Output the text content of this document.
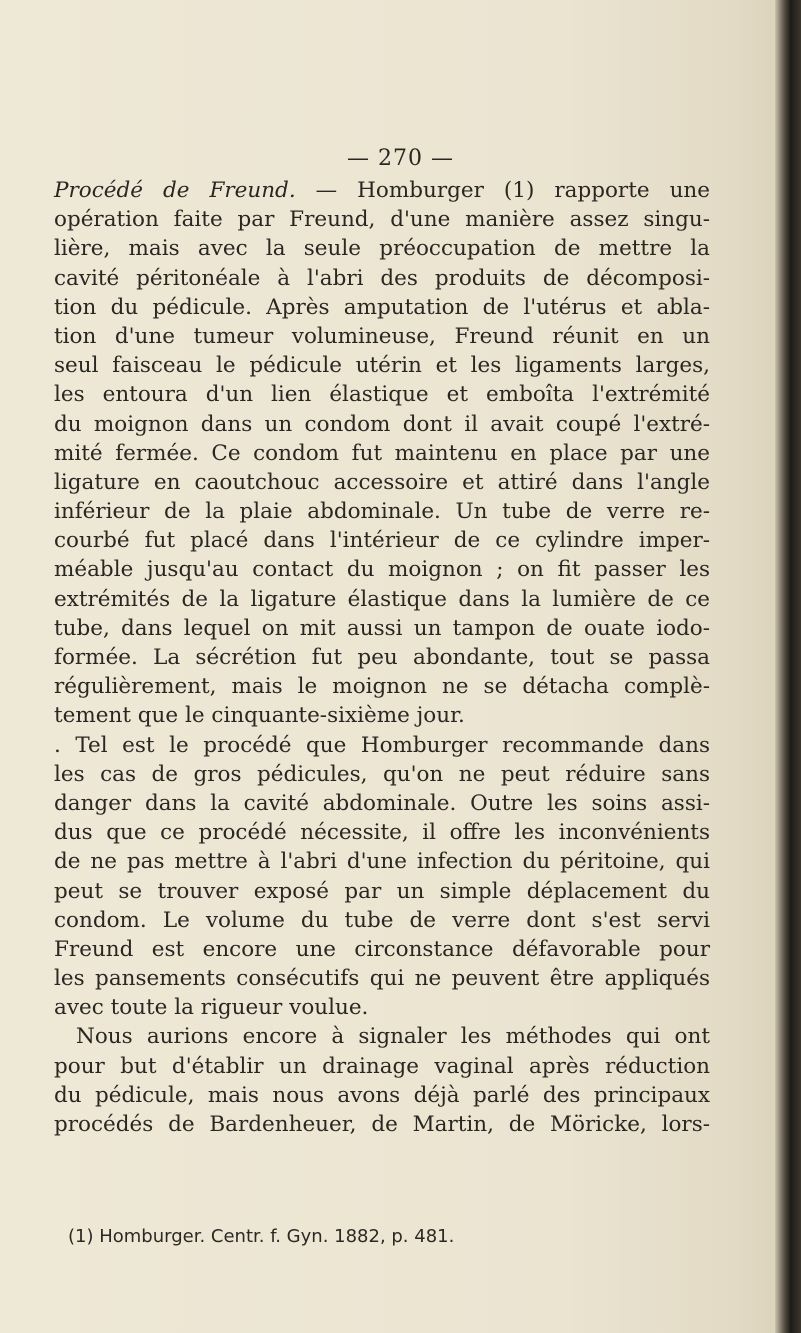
— 270 —
Procédé de Freund. — Homburger (1) rapporte une
opération faite par Freund, d'une manière assez singu-
lière, mais avec la seule préoccupation de mettre la
cavité péritonéale à l'abri des produits de décomposi-
tion du pédicule. Après amputation de l'utérus et abla-
tion d'une tumeur volumineuse, Freund réunit en un
seul faisceau le pédicule utérin et les ligaments larges,
les entoura d'un lien élastique et emboîta l'extrémité
du moignon dans un condom dont il avait coupé l'extré-
mité fermée. Ce condom fut maintenu en place par une
ligature en caoutchouc accessoire et attiré dans l'angle
inférieur de la plaie abdominale. Un tube de verre re-
courbé fut placé dans l'intérieur de ce cylindre imper-
méable jusqu'au contact du moignon ; on fit passer les
extrémités de la ligature élastique dans la lumière de ce
tube, dans lequel on mit aussi un tampon de ouate iodo-
formée. La sécrétion fut peu abondante, tout se passa
régulièrement, mais le moignon ne se détacha complè-
tement que le cinquante-sixième jour.
. Tel est le procédé que Homburger recommande dans
les cas de gros pédicules, qu'on ne peut réduire sans
danger dans la cavité abdominale. Outre les soins assi-
dus que ce procédé nécessite, il offre les inconvénients
de ne pas mettre à l'abri d'une infection du péritoine, qui
peut se trouver exposé par un simple déplacement du
condom. Le volume du tube de verre dont s'est servi
Freund est encore une circonstance défavorable pour
les pansements consécutifs qui ne peuvent être appliqués
avec toute la rigueur voulue.
Nous aurions encore à signaler les méthodes qui ont
pour but d'établir un drainage vaginal après réduction
du pédicule, mais nous avons déjà parlé des principaux
procédés de Bardenheuer, de Martin, de Möricke, lors-
(1) Homburger. Centr. f. Gyn. 1882, p. 481.
